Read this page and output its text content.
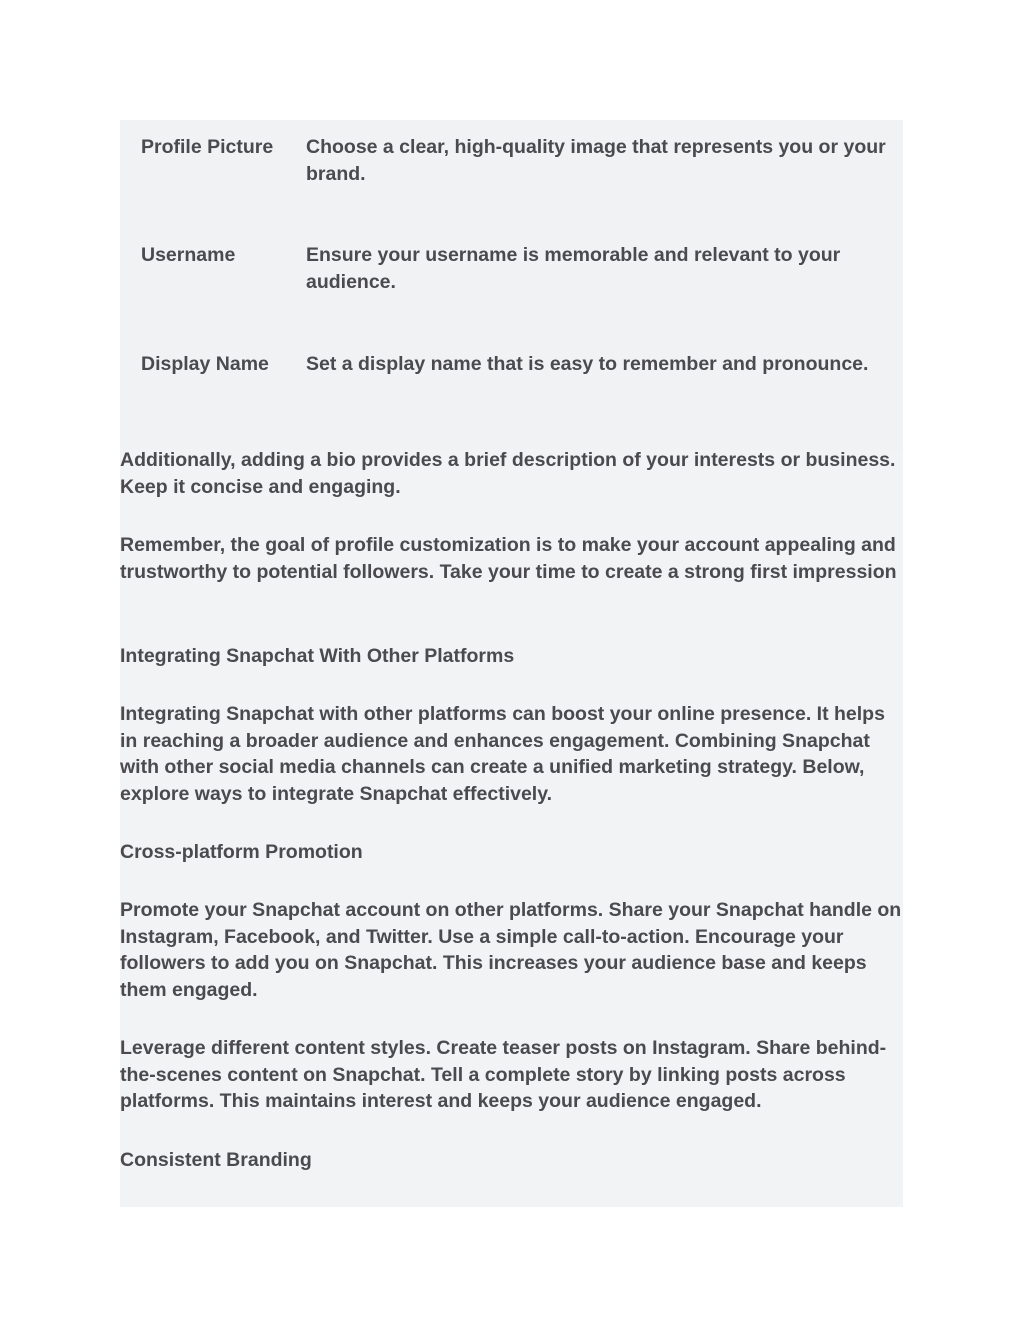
Profile Picture	Choose a clear, high-quality image that represents you or your brand.
Username	Ensure your username is memorable and relevant to your audience.
Display Name	Set a display name that is easy to remember and pronounce.

Additionally, adding a bio provides a brief description of your interests or business. Keep it concise and engaging.

Remember, the goal of profile customization is to make your account appealing and trustworthy to potential followers. Take your time to create a strong first impression

Integrating Snapchat With Other Platforms

Integrating Snapchat with other platforms can boost your online presence. It helps in reaching a broader audience and enhances engagement. Combining Snapchat with other social media channels can create a unified marketing strategy. Below, explore ways to integrate Snapchat effectively.

Cross-platform Promotion

Promote your Snapchat account on other platforms. Share your Snapchat handle on Instagram, Facebook, and Twitter. Use a simple call-to-action. Encourage your followers to add you on Snapchat. This increases your audience base and keeps them engaged.

Leverage different content styles. Create teaser posts on Instagram. Share behind-the-scenes content on Snapchat. Tell a complete story by linking posts across platforms. This maintains interest and keeps your audience engaged.

Consistent Branding
